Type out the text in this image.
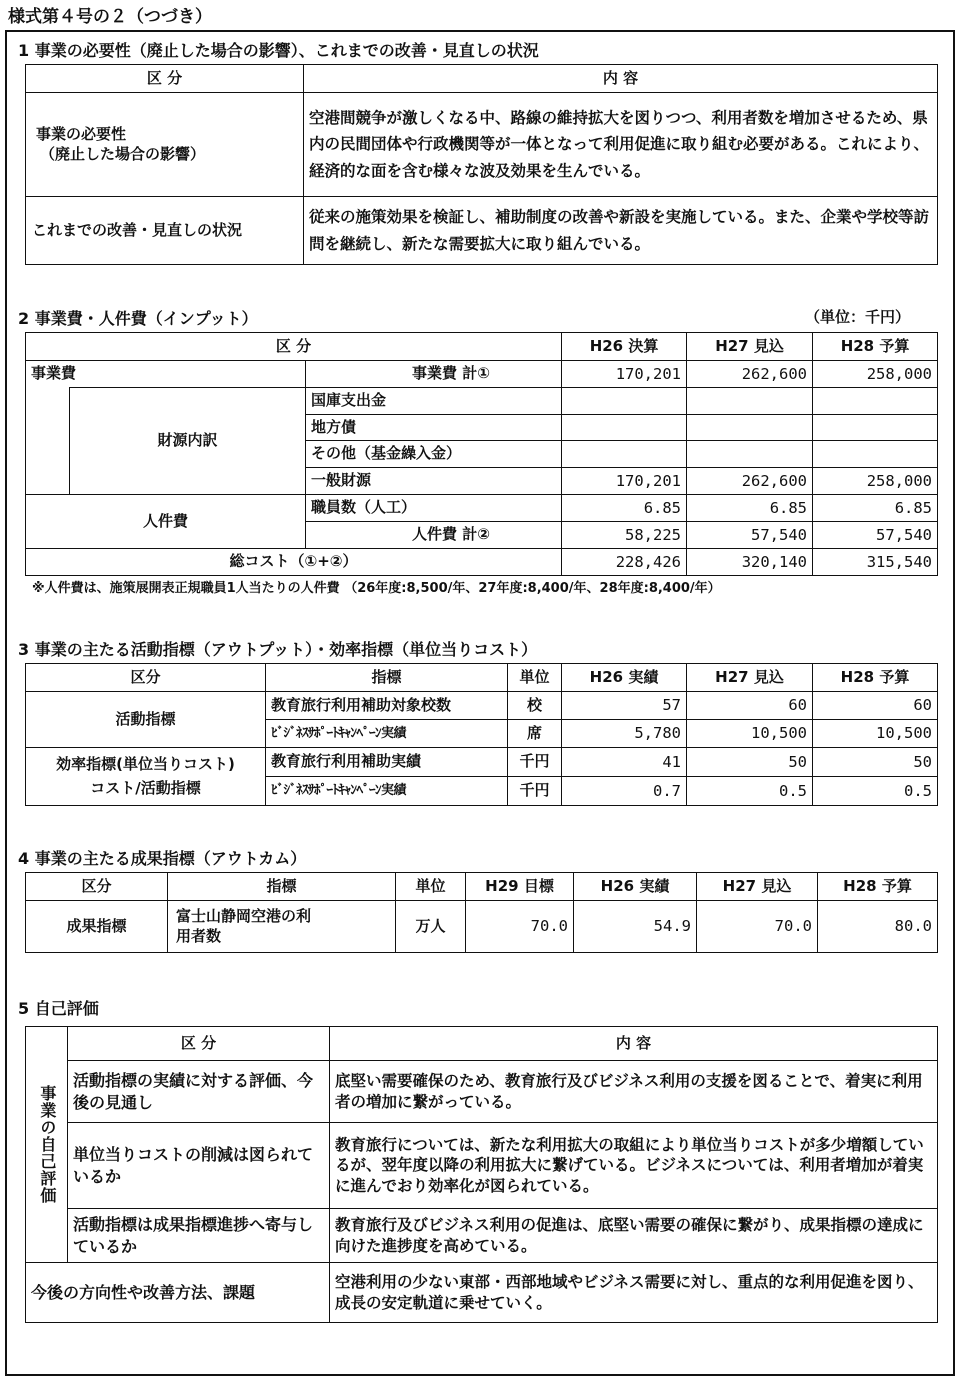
様式第４号の２（つづき）
1 事業の必要性（廃止した場合の影響）、これまでの改善・見直しの状況
区 分	内 容

事業の必要性
（廃止した場合の影響）	空港間競争が激しくなる中、路線の維持拡大を図りつつ、利用者数を増加させるため、県内の民間団体や行政機関等が一体となって利用促進に取り組む必要がある。これにより、経済的な面を含む様々な波及効果を生んでいる。
これまでの改善・見直しの状況	従来の施策効果を検証し、補助制度の改善や新設を実施している。また、企業や学校等訪問を継続し、新たな需要拡大に取り組んでいる。
2 事業費・人件費（インプット）	（単位：千円）
区 分			H26 決算	H27 見込	H28 予算
事業費		事業費 計①	170,201	262,600	258,000
	財源内訳	国庫支出金			
		地方債			
		その他（基金繰入金）			
		一般財源	170,201	262,600	258,000
人件費		職員数（人工）	6.85	6.85	6.85
		人件費 計②	58,225	57,540	57,540
総コスト（①+②）			228,426	320,140	315,540
※人件費は、施策展開表正規職員1人当たりの人件費 （26年度:8,500/年、27年度:8,400/年、28年度:8,400/年）
3 事業の主たる活動指標（アウトプット）・効率指標（単位当りコスト）
区分	指標	単位	H26 実績	H27 見込	H28 予算
活動指標	教育旅行利用補助対象校数	校	57	60	60
	ﾋﾞｼﾞﾈｽｻﾎﾟｰﾄｷｬﾝﾍﾟｰﾝ実績	席	5,780	10,500	10,500

効率指標(単位当りコスト)
コスト/活動指標	教育旅行利用補助実績	千円	41	50	50
	ﾋﾞｼﾞﾈｽｻﾎﾟｰﾄｷｬﾝﾍﾟｰﾝ実績	千円	0.7	0.5	0.5
4 事業の主たる成果指標（アウトカム）
区分	指標	単位	H29 目標	H26 実績	H27 見込	H28 予算
成果指標	富士山静岡空港の利
用者数	万人	70.0	54.9	70.0	80.0
5 自己評価
事業の自己評価	区 分	内 容
	活動指標の実績に対する評価、今後の見通し	底堅い需要確保のため、教育旅行及びビジネス利用の支援を図ることで、着実に利用者の増加に繋がっている。
	単位当りコストの削減は図られているか	教育旅行については、新たな利用拡大の取組により単位当りコストが多少増額しているが、翌年度以降の利用拡大に繋げている。ビジネスについては、利用者増加が着実に進んでおり効率化が図られている。
	活動指標は成果指標進捗へ寄与しているか	教育旅行及びビジネス利用の促進は、底堅い需要の確保に繋がり、成果指標の達成に向けた進捗度を高めている。
今後の方向性や改善方法、課題		空港利用の少ない東部・西部地域やビジネス需要に対し、重点的な利用促進を図り、成長の安定軌道に乗せていく。
